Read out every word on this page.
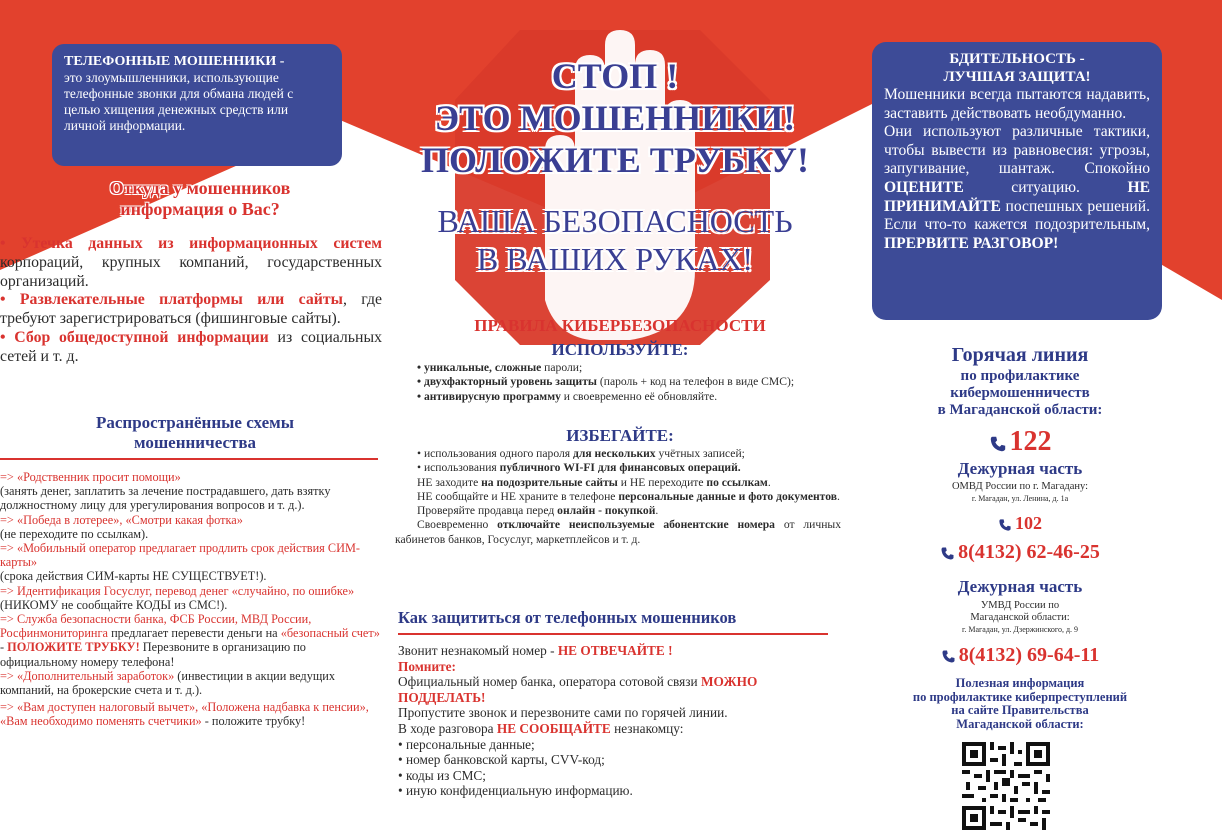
ТЕЛЕФОННЫЕ МОШЕННИКИ -
это злоумышленники, использующие телефонные звонки для обмана людей с целью хищения денежных средств или личной информации.
Откуда у мошенников
информация о Вас?

• Утечка данных из информационных систем корпораций, крупных компаний, государственных организаций.

• Развлекательные платформы или сайты, где требуют зарегистрироваться (фишинговые сайты).

• Сбор общедоступной информации из социальных сетей и т. д.

Распространённые схемы
мошенничества

=> «Родственник просит помощи»

(занять денег, заплатить за лечение пострадавшего, дать взятку должностному лицу для урегулирования вопросов и т. д.).

=> «Победа в лотерее», «Смотри какая фотка»

(не переходите по ссылкам).

=> «Мобильный оператор предлагает продлить срок действия СИМ- карты»

(срока действия СИМ-карты НЕ СУЩЕСТВУЕТ!).

=> Идентификация Госуслуг, перевод денег «случайно, по ошибке»

(НИКОМУ не сообщайте КОДЫ из СМС!).

=> Служба безопасности банка, ФСБ России, МВД России, Росфинмониторинга предлагает перевести деньги на «безопасный счет» - ПОЛОЖИТЕ ТРУБКУ! Перезвоните в организацию по официальному номеру телефона!

=> «Дополнительный заработок» (инвестиции в акции ведущих компаний, на брокерские счета и т. д.).

=> «Вам доступен налоговый вычет», «Положена надбавка к пенсии», «Вам необходимо поменять счетчики» - положите трубку!

СТОП !
ЭТО МОШЕННИКИ!
ПОЛОЖИТЕ ТРУБКУ!
ВАША БЕЗОПАСНОСТЬ
В ВАШИХ РУКАХ!
ПРАВИЛА КИБЕРБЕЗОПАСНОСТИ
ИСПОЛЬЗУЙТЕ:

• уникальные, сложные пароли;

• двухфакторный уровень защиты (пароль + код на телефон в виде СМС);

• антивирусную программу и своевременно её обновляйте.

ИЗБЕГАЙТЕ:

• использования одного пароля для нескольких учётных записей;

• использования публичного WI-FI для финансовых операций.

НЕ заходите на подозрительные сайты и НЕ переходите по ссылкам.

НЕ сообщайте и НЕ храните в телефоне персональные данные и фото документов.

Проверяйте продавца перед онлайн - покупкой.

Своевременно отключайте неиспользуемые абонентские номера от личных кабинетов банков, Госуслуг, маркетплейсов и т. д.

Как защититься от телефонных мошенников

Звонит незнакомый номер - НЕ ОТВЕЧАЙТЕ !

Помните:

Официальный номер банка, оператора сотовой связи МОЖНО ПОДДЕЛАТЬ!

Пропустите звонок и перезвоните сами по горячей линии.

В ходе разговора НЕ СООБЩАЙТЕ незнакомцу:

• персональные данные;

• номер банковской карты, CVV-код;

• коды из СМС;

• иную конфиденциальную информацию.

БДИТЕЛЬНОСТЬ -
ЛУЧШАЯ ЗАЩИТА!

Мошенники всегда пытаются надавить, заставить действовать необдуманно.

Они используют различные тактики, чтобы вывести из равновесия: угрозы, запугивание, шантаж. Спокойно ОЦЕНИТЕ ситуацию. НЕ ПРИНИМАЙТЕ поспешных решений. Если что-то кажется подозрительным, ПРЕРВИТЕ РАЗГОВОР!

Горячая линия
по профилактике
кибермошенничеств
в Магаданской области:
122
Дежурная часть
ОМВД России по г. Магадану:
г. Магадан, ул. Ленина, д. 1а
102
8(4132) 62-46-25
Дежурная часть
УМВД России по
Магаданской области:
г. Магадан, ул. Дзержинского, д. 9
8(4132) 69-64-11
Полезная информация
по профилактике киберпреступлений
на сайте Правительства
Магаданской области:
